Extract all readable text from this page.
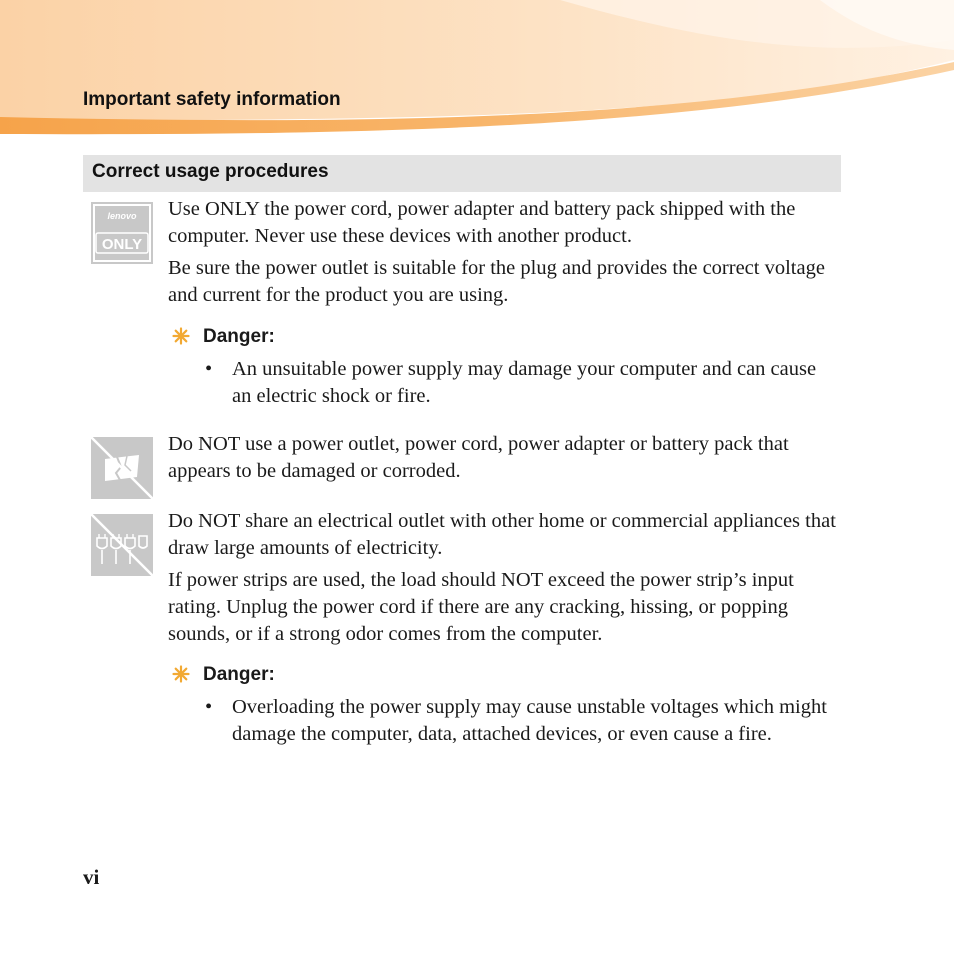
Important safety information
Correct usage procedures
lenovo
ONLY

Use ONLY the power cord, power adapter and battery pack shipped with the computer. Never use these devices with another product.

Be sure the power outlet is suitable for the plug and provides the correct voltage and current for the product you are using.

Danger:
• An unsuitable power supply may damage your computer and can cause an electric shock or fire.

Do NOT use a power outlet, power cord, power adapter or battery pack that appears to be damaged or corroded.

Do NOT share an electrical outlet with other home or commercial appliances that draw large amounts of electricity.

If power strips are used, the load should NOT exceed the power strip’s input rating. Unplug the power cord if there are any cracking, hissing, or popping sounds, or if a strong odor comes from the computer.

Danger:
• Overloading the power supply may cause unstable voltages which might damage the computer, data, attached devices, or even cause a fire.

vi
